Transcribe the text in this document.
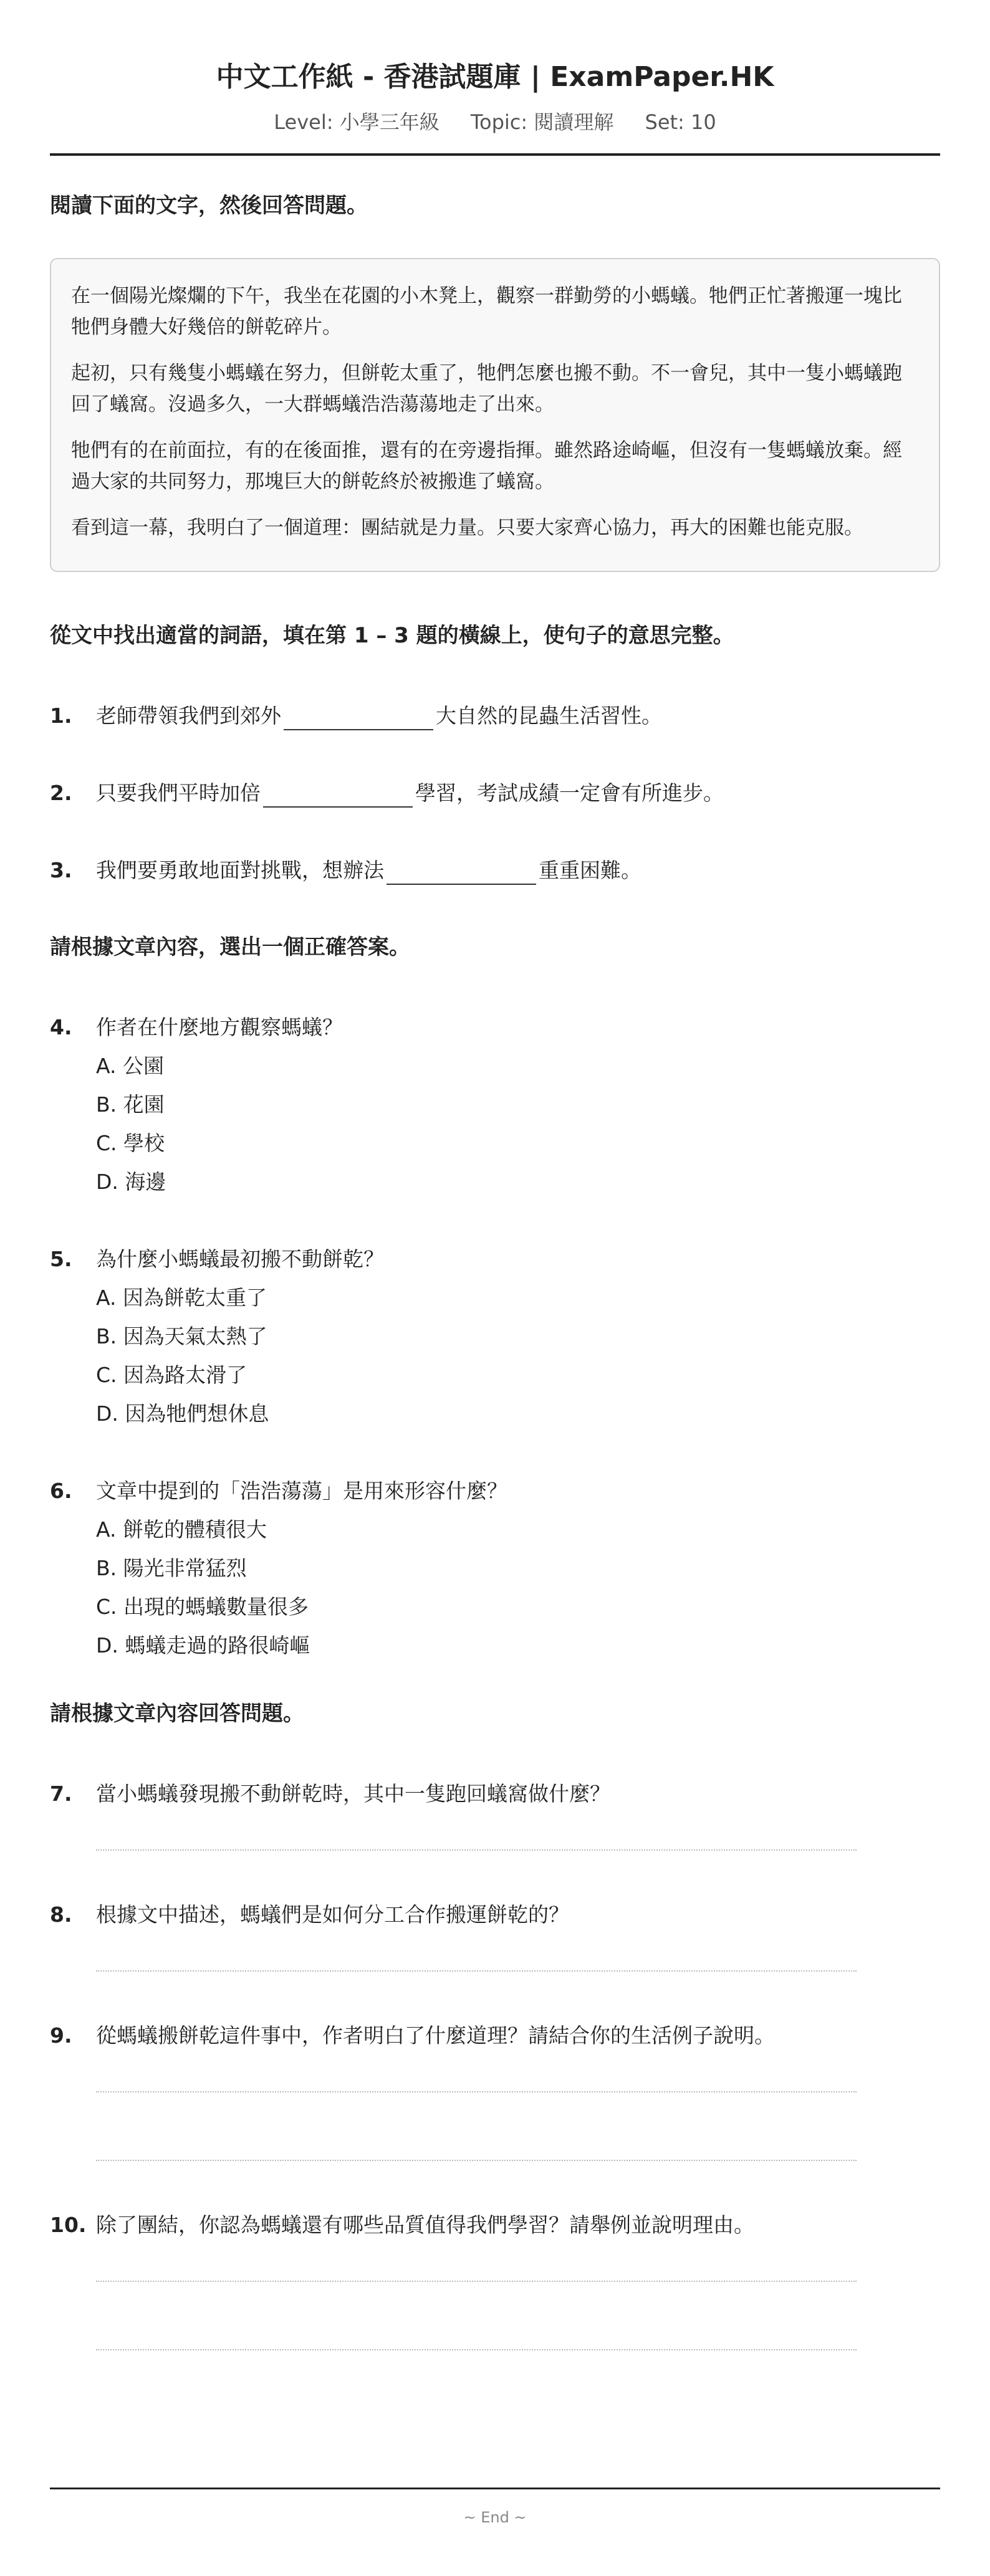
中文工作紙 - 香港試題庫 | ExamPaper.HK
Level: 小學三年級 Topic: 閱讀理解 Set: 10
閱讀下面的文字，然後回答問題。

在一個陽光燦爛的下午，我坐在花園的小木凳上，觀察一群勤勞的小螞蟻。牠們正忙著搬運一塊比牠們身體大好幾倍的餅乾碎片。

起初，只有幾隻小螞蟻在努力，但餅乾太重了，牠們怎麼也搬不動。不一會兒，其中一隻小螞蟻跑回了蟻窩。沒過多久，一大群螞蟻浩浩蕩蕩地走了出來。

牠們有的在前面拉，有的在後面推，還有的在旁邊指揮。雖然路途崎嶇，但沒有一隻螞蟻放棄。經過大家的共同努力，那塊巨大的餅乾終於被搬進了蟻窩。

看到這一幕，我明白了一個道理：團結就是力量。只要大家齊心協力，再大的困難也能克服。

從文中找出適當的詞語，填在第 1 – 3 題的橫線上，使句子的意思完整。
1. 老師帶領我們到郊外	大自然的昆蟲生活習性。
2. 只要我們平時加倍	學習，考試成績一定會有所進步。
3. 我們要勇敢地面對挑戰，想辦法	重重困難。
請根據文章內容，選出一個正確答案。
4. 作者在什麼地方觀察螞蟻？
A. 公園
B. 花園
C. 學校
D. 海邊
5. 為什麼小螞蟻最初搬不動餅乾？
A. 因為餅乾太重了
B. 因為天氣太熱了
C. 因為路太滑了
D. 因為牠們想休息
6. 文章中提到的「浩浩蕩蕩」是用來形容什麼？
A. 餅乾的體積很大
B. 陽光非常猛烈
C. 出現的螞蟻數量很多
D. 螞蟻走過的路很崎嶇
請根據文章內容回答問題。
7. 當小螞蟻發現搬不動餅乾時，其中一隻跑回蟻窩做什麼？
8. 根據文中描述，螞蟻們是如何分工合作搬運餅乾的？
9. 從螞蟻搬餅乾這件事中，作者明白了什麼道理？請結合你的生活例子說明。
10. 除了團結，你認為螞蟻還有哪些品質值得我們學習？請舉例並說明理由。
~ End ~
